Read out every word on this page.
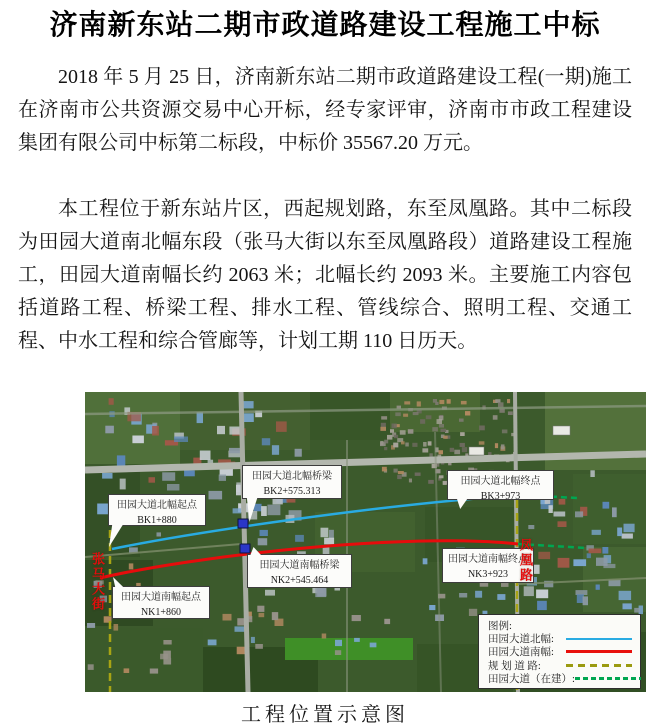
济南新东站二期市政道路建设工程施工中标

2018 年 5 月 25 日，济南新东站二期市政道路建设工程(一期)施工在济南市公共资源交易中心开标，经专家评审，济南市市政工程建设集团有限公司中标第二标段，中标价 35567.20 万元。

本工程位于新东站片区，西起规划路，东至凤凰路。其中二标段为田园大道南北幅东段（张马大街以东至凤凰路段）道路建设工程施工，田园大道南幅长约 2063 米；北幅长约 2093 米。主要施工内容包括道路工程、桥梁工程、排水工程、管线综合、照明工程、交通工程、中水工程和综合管廊等，计划工期 110 日历天。

田园大道北幅起点
BK1+880
田园大道北幅桥梁
BK2+575.313
田园大道北幅终点
BK3+973
田园大道南幅桥梁
NK2+545.464
田园大道南幅终点
NK3+923
田园大道南幅起点
NK1+860
张马大街	凤凰路
图例:
田园大道北幅:
田园大道南幅:
规 划 道 路:
田园大道（在建）:
工程位置示意图
